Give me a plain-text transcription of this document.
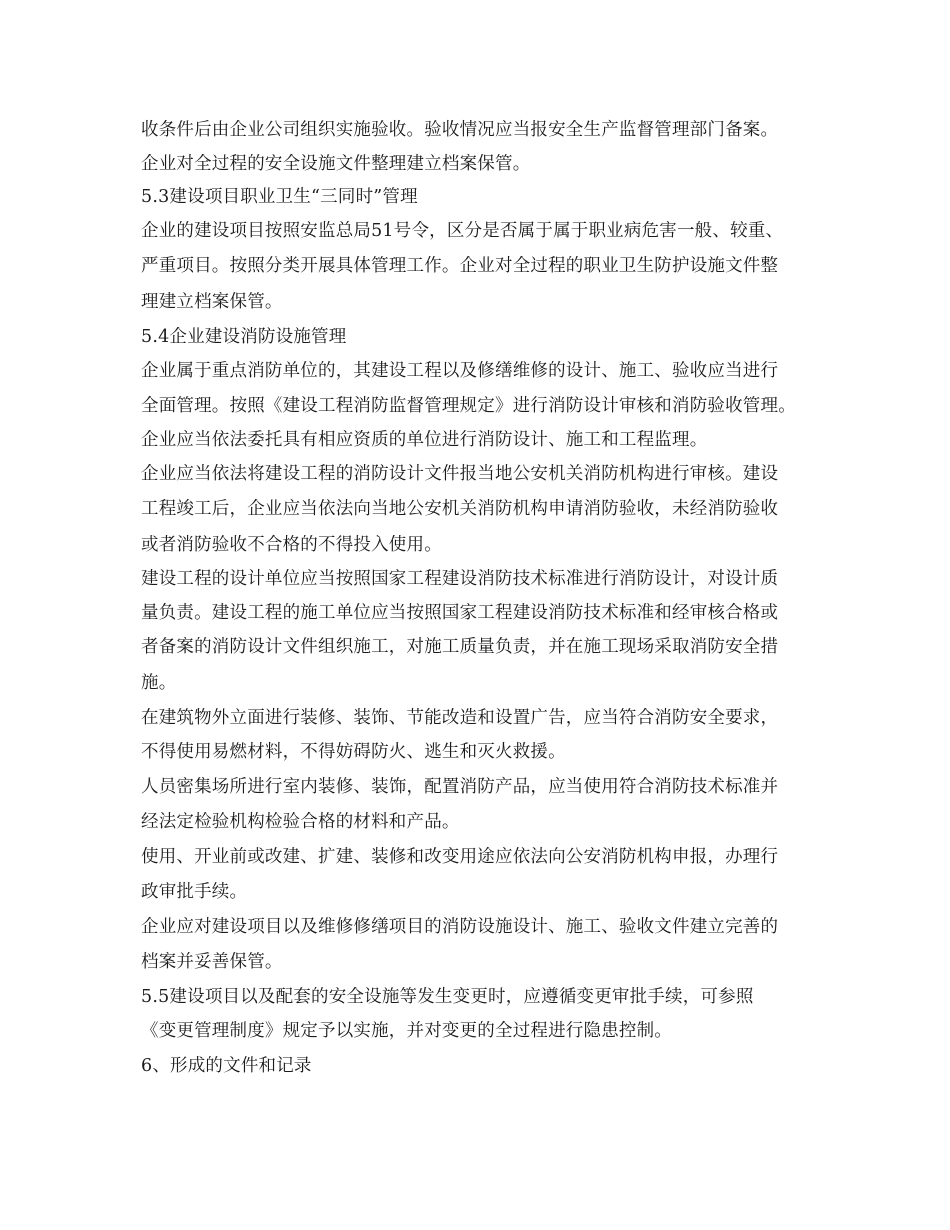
收条件后由企业公司组织实施验收。验收情况应当报安全生产监督管理部门备案。
企业对全过程的安全设施文件整理建立档案保管。
5.3建设项目职业卫生“三同时”管理
企业的建设项目按照安监总局51号令，区分是否属于属于职业病危害一般、较重、
严重项目。按照分类开展具体管理工作。企业对全过程的职业卫生防护设施文件整
理建立档案保管。
5.4企业建设消防设施管理
企业属于重点消防单位的，其建设工程以及修缮维修的设计、施工、验收应当进行
全面管理。按照《建设工程消防监督管理规定》进行消防设计审核和消防验收管理。
企业应当依法委托具有相应资质的单位进行消防设计、施工和工程监理。
企业应当依法将建设工程的消防设计文件报当地公安机关消防机构进行审核。建设
工程竣工后，企业应当依法向当地公安机关消防机构申请消防验收，未经消防验收
或者消防验收不合格的不得投入使用。
建设工程的设计单位应当按照国家工程建设消防技术标准进行消防设计，对设计质
量负责。建设工程的施工单位应当按照国家工程建设消防技术标准和经审核合格或
者备案的消防设计文件组织施工，对施工质量负责，并在施工现场采取消防安全措
施。
在建筑物外立面进行装修、装饰、节能改造和设置广告，应当符合消防安全要求，
不得使用易燃材料，不得妨碍防火、逃生和灭火救援。
人员密集场所进行室内装修、装饰，配置消防产品，应当使用符合消防技术标准并
经法定检验机构检验合格的材料和产品。
使用、开业前或改建、扩建、装修和改变用途应依法向公安消防机构申报，办理行
政审批手续。
企业应对建设项目以及维修修缮项目的消防设施设计、施工、验收文件建立完善的
档案并妥善保管。
5.5建设项目以及配套的安全设施等发生变更时，应遵循变更审批手续，可参照
《变更管理制度》规定予以实施，并对变更的全过程进行隐患控制。
6、形成的文件和记录
